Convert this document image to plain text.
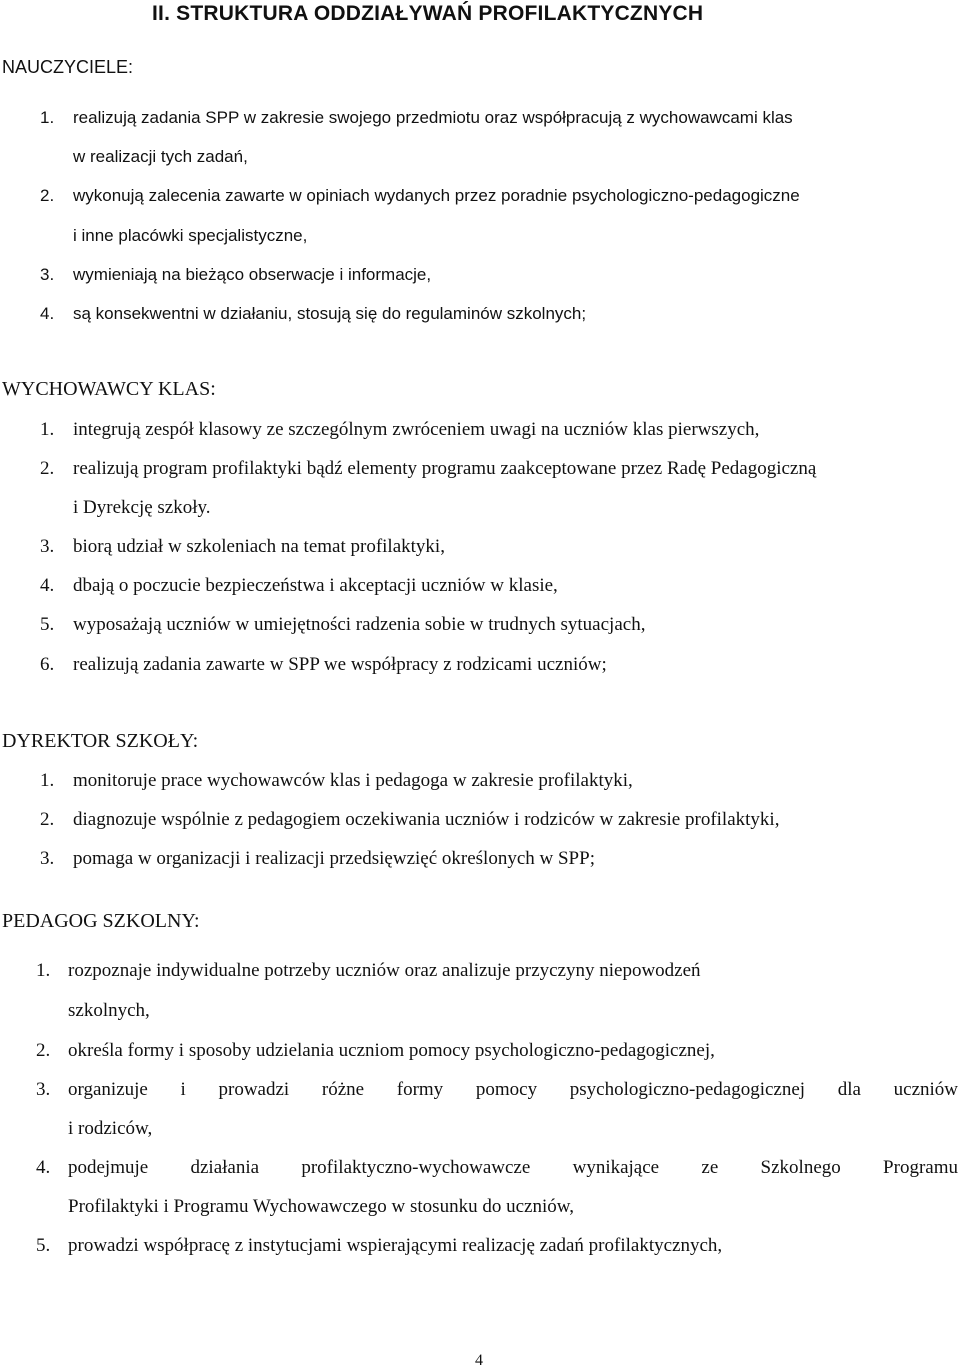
II. STRUKTURA ODDZIAŁYWAŃ PROFILAKTYCZNYCH
NAUCZYCIELE:
1. realizują zadania SPP w zakresie swojego przedmiotu oraz współpracują z wychowawcami klas
w realizacji tych zadań,
2. wykonują zalecenia zawarte w opiniach wydanych przez poradnie psychologiczno-pedagogiczne
i inne placówki specjalistyczne,
3. wymieniają na bieżąco obserwacje i informacje,
4. są konsekwentni w działaniu, stosują się do regulaminów szkolnych;
WYCHOWAWCY KLAS:
1. integrują zespół klasowy ze szczególnym zwróceniem uwagi na uczniów klas pierwszych,
2. realizują program profilaktyki bądź elementy programu zaakceptowane przez Radę Pedagogiczną
i Dyrekcję szkoły.
3. biorą udział w szkoleniach na temat profilaktyki,
4. dbają o poczucie bezpieczeństwa i akceptacji uczniów w klasie,
5. wyposażają uczniów w umiejętności radzenia sobie w trudnych sytuacjach,
6. realizują zadania zawarte w SPP we współpracy z rodzicami uczniów;
DYREKTOR SZKOŁY:
1. monitoruje prace wychowawców klas i pedagoga w zakresie profilaktyki,
2. diagnozuje wspólnie z pedagogiem oczekiwania uczniów i rodziców w zakresie profilaktyki,
3. pomaga w organizacji i realizacji przedsięwzięć określonych w SPP;
PEDAGOG SZKOLNY:
1. rozpoznaje indywidualne potrzeby uczniów oraz analizuje przyczyny niepowodzeń
szkolnych,
2. określa formy i sposoby udzielania uczniom pomocy psychologiczno-pedagogicznej,
3. organizuje i prowadzi różne formy pomocy psychologiczno-pedagogicznej dla uczniów
i rodziców,
4. podejmuje działania profilaktyczno-wychowawcze wynikające ze Szkolnego Programu
Profilaktyki i Programu Wychowawczego w stosunku do uczniów,
5. prowadzi współpracę z instytucjami wspierającymi realizację zadań profilaktycznych,
4
